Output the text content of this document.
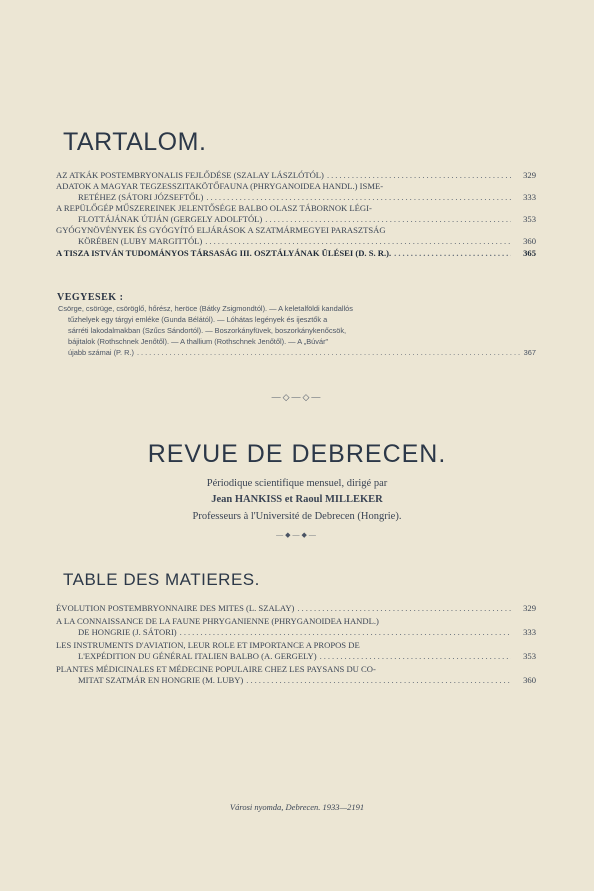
TARTALOM.
AZ ATKÁK POSTEMBRYONALIS FEJLŐDÉSE (SZALAY LÁSZLÓTÓL) .....	329
ADATOK A MAGYAR TEGZESSZITAKÖTŐFAUNA (PHRYGANOIDEA HANDL.) ISME-
RETÉHEZ (SÁTORI JÓZSEFTŐL) .....	333
A REPÜLŐGÉP MŰSZEREINEK JELENTŐSÉGE BALBO OLASZ TÁBORNOK LÉGI-
FLOTTÁJÁNAK ÚTJÁN (GERGELY ADOLFTÓL) .....	353
GYÓGYNÖVÉNYEK ÉS GYÓGYÍTÓ ELJÁRÁSOK A SZATMÁRMEGYEI PARASZTSÁG
KÖRÉBEN (LUBY MARGITTÓL) .....	360
A TISZA ISTVÁN TUDOMÁNYOS TÁRSASÁG III. OSZTÁLYÁNAK ÜLÉSEI (D. S. R.). .....	365
VEGYESEK :
Csörge, csörüge, csöröglő, hőrész, heröce (Bátky Zsigmondtól). — A keletalföldi kandallós
tűzhelyek egy tárgyi emléke (Gunda Bélától). — Lóhátas legények és ijesztők a
sárréti lakodalmakban (Szűcs Sándortól). — Boszorkányfüvek, boszorkánykenőcsök,
bájitalok (Rothschnek Jenőtől). — A thallium (Rothschnek Jenőtől). — A „Búvár"
újabb számai (P. R.) .....	367
—◇—◇—
REVUE DE DEBRECEN.
Périodique scientifique mensuel, dirigé par
Jean HANKISS et Raoul MILLEKER
Professeurs à l'Université de Debrecen (Hongrie).
—◆—◆—
TABLE DES MATIERES.
ÉVOLUTION POSTEMBRYONNAIRE DES MITES (L. SZALAY) .....	329
A LA CONNAISSANCE DE LA FAUNE PHRYGANIENNE (PHRYGANOIDEA HANDL.)
DE HONGRIE (J. SÁTORI) .....	333
LES INSTRUMENTS D'AVIATION, LEUR ROLE ET IMPORTANCE A PROPOS DE
L'EXPÉDITION DU GÉNÉRAL ITALIEN BALBO (A. GERGELY) .....	353
PLANTES MÉDICINALES ET MÉDECINE POPULAIRE CHEZ LES PAYSANS DU CO-
MITAT SZATMÁR EN HONGRIE (M. LUBY) .....	360
Városi nyomda, Debrecen. 1933—2191
